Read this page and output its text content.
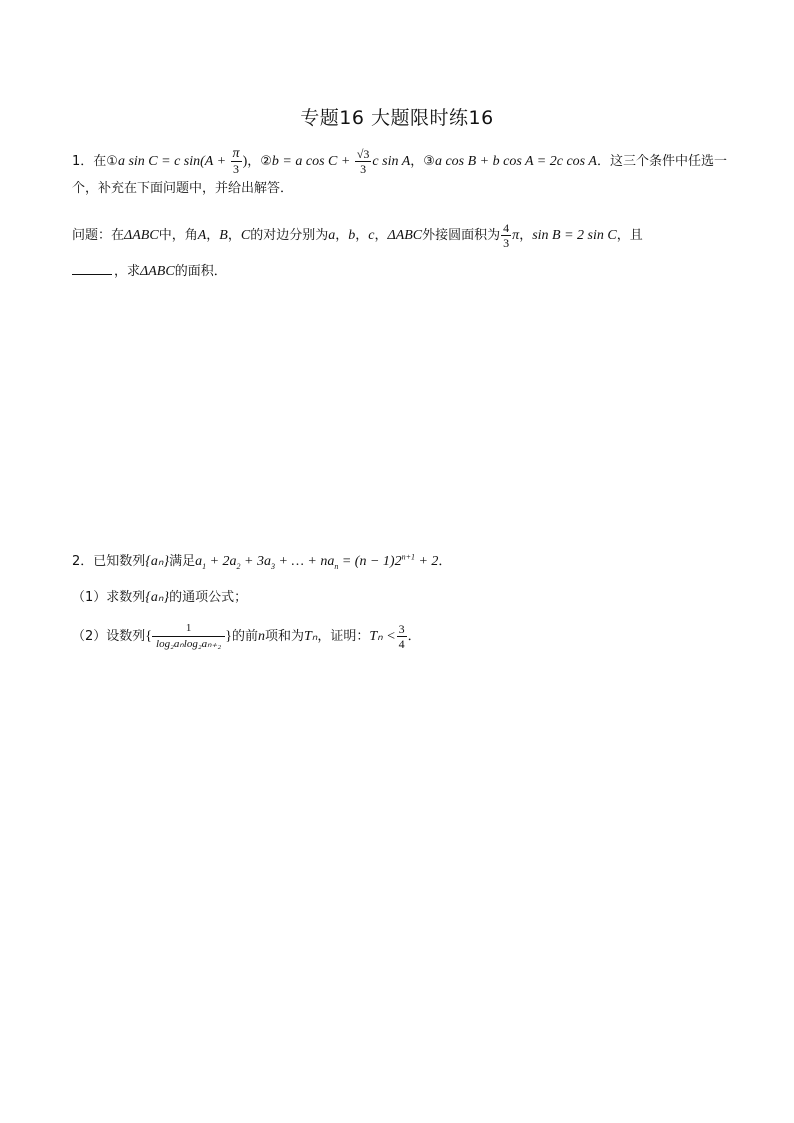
专题16 大题限时练16
1．在①a sin C = c $\sin(A + \frac{\pi}{3}$ )，②b = a $\cos C + \frac{√3}{3}$ c sin A，③a cos B + b cos A = 2c cos A．这三个条件中任选一
个，补充在下面问题中，并给出解答．
问题：在ΔABC中，角A，B，C的对边分别为a，b，c，ΔABC外接圆面积为 $\frac{4}{3}$ π，sin B = 2 sin C，且
，求ΔABC的面积．
2．已知数列{aₙ}满足$a_1 + 2a_2 + 3a_3$ + … + $na_n = (n - 1)2^{n+1} + 2$．
（1）求数列{aₙ}的通项公式；
（2）设数列{ $\frac{1}{\text{log₂aₙlog₂aₙ₊₂}}$ }的前n项和为Tₙ，证明：$T_n < \frac{3}{4}$ ．
